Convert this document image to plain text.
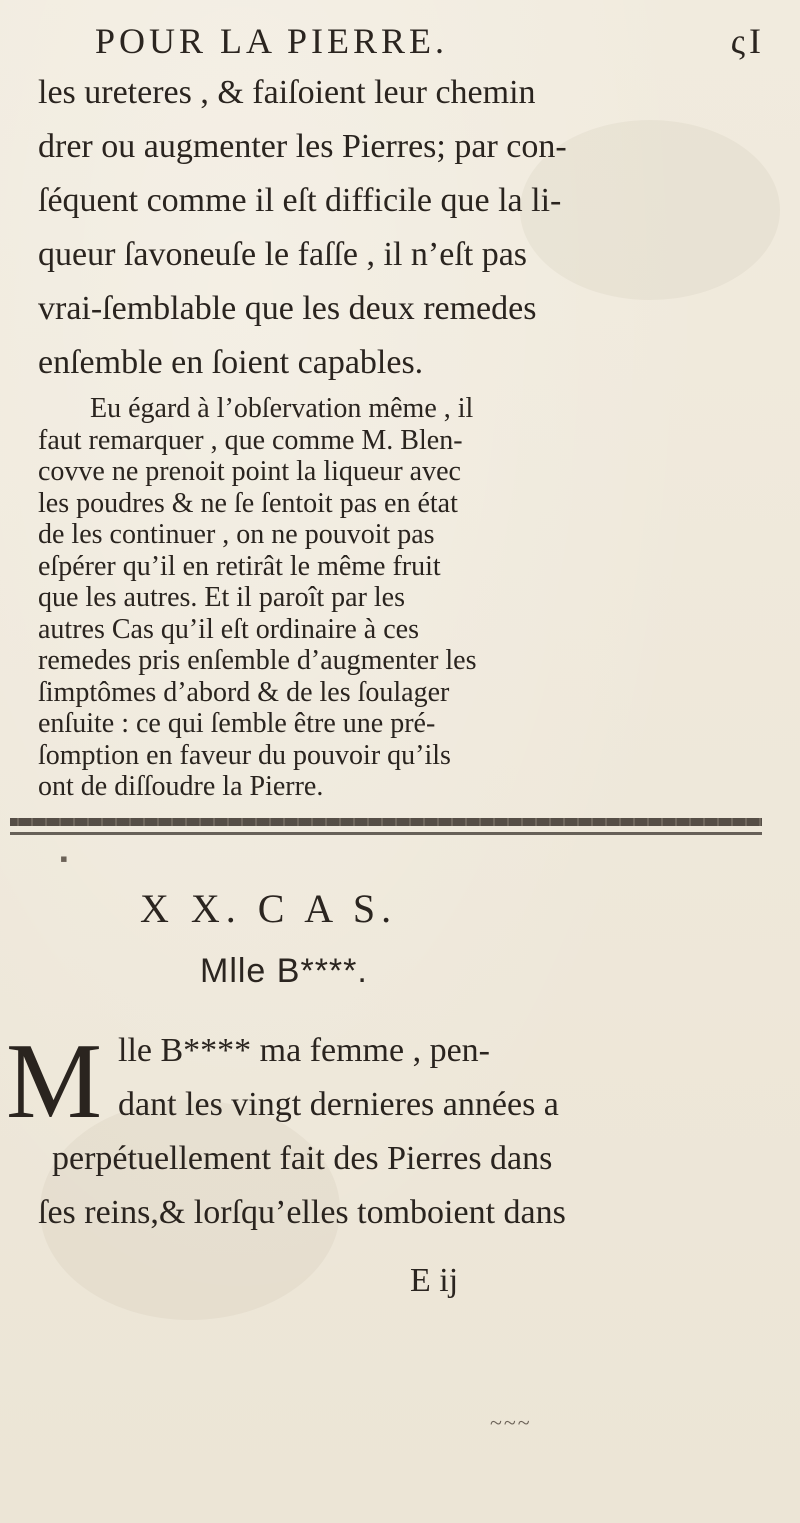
POUR LA PIERRE.	ςI
les ureteres , & faiſoient leur chemin
drer ou augmenter les Pierres; par con-
ſéquent comme il eſt difficile que la li-
queur ſavoneuſe le faſſe , il n’eſt pas
vrai-ſemblable que les deux remedes
enſemble en ſoient capables.
Eu égard à l’obſervation même , il
faut remarquer , que comme M. Blen-
covve ne prenoit point la liqueur avec
les poudres & ne ſe ſentoit pas en état
de les continuer , on ne pouvoit pas
eſpérer qu’il en retirât le même fruit
que les autres. Et il paroît par les
autres Cas qu’il eſt ordinaire à ces
remedes pris enſemble d’augmenter les
ſimptômes d’abord & de les ſoulager
enſuite : ce qui ſemble être une pré-
ſomption en faveur du pouvoir qu’ils
ont de diſſoudre la Pierre.
X X. C A S.
Mlle B****.
M lle B**** ma femme , pen-
dant les vingt dernieres années a
perpétuellement fait des Pierres dans
ſes reins,& lorſqu’elles tomboient dans
E ij
▪
~~~
